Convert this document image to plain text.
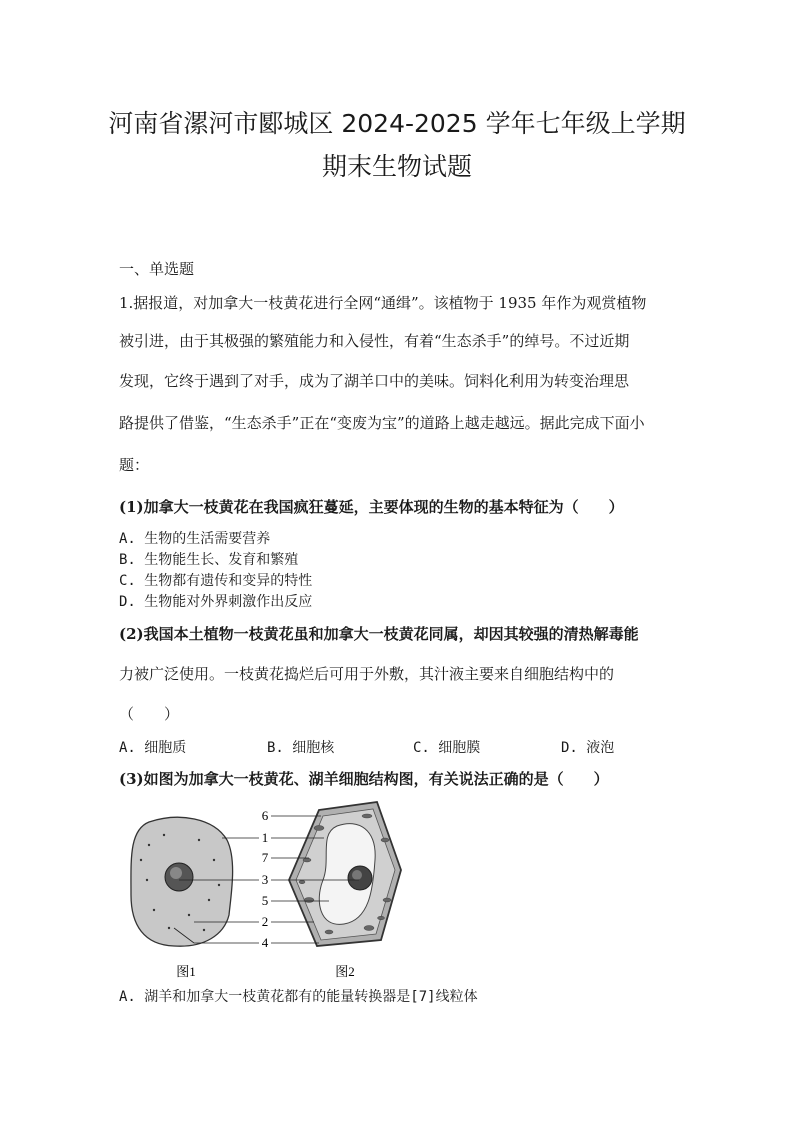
河南省漯河市郾城区 2024-2025 学年七年级上学期
期末生物试题
一、单选题
1.据报道，对加拿大一枝黄花进行全网“通缉”。该植物于 1935 年作为观赏植物
被引进，由于其极强的繁殖能力和入侵性，有着“生态杀手”的绰号。不过近期
发现，它终于遇到了对手，成为了湖羊口中的美味。饲料化利用为转变治理思
路提供了借鉴，“生态杀手”正在“变废为宝”的道路上越走越远。据此完成下面小
题：
(1)加拿大一枝黄花在我国疯狂蔓延，主要体现的生物的基本特征为（　　）
A. 生物的生活需要营养
B. 生物能生长、发育和繁殖
C. 生物都有遗传和变异的特性
D. 生物能对外界刺激作出反应
(2)我国本土植物一枝黄花虽和加拿大一枝黄花同属，却因其较强的清热解毒能
力被广泛使用。一枝黄花捣烂后可用于外敷，其汁液主要来自细胞结构中的
（　　）
A. 细胞质	B. 细胞核	C. 细胞膜	D. 液泡
(3)如图为加拿大一枝黄花、湖羊细胞结构图，有关说法正确的是（　　）
6
1
7
3
5
2
4
图1	图2
A. 湖羊和加拿大一枝黄花都有的能量转换器是[7]线粒体
